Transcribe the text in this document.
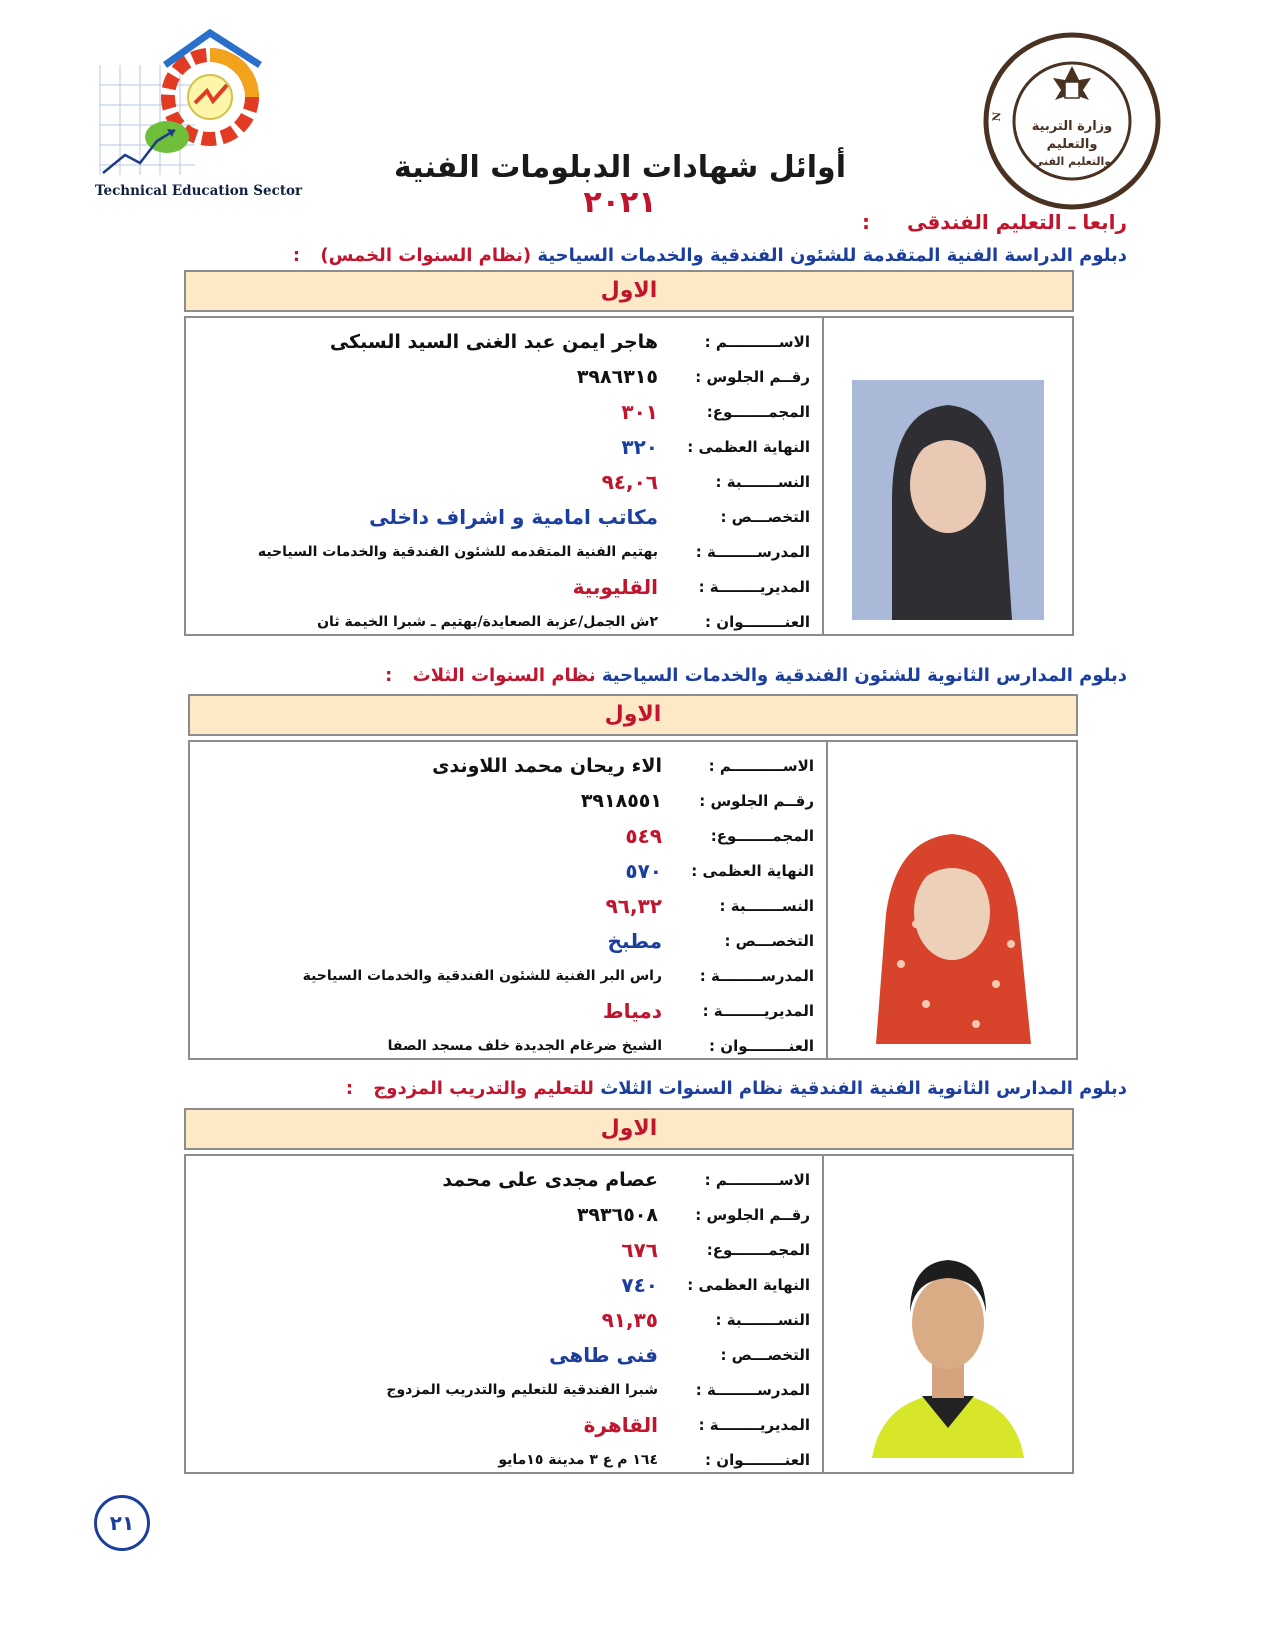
Technical Education Sector
N
وزارة التربية
والتعليم
والتعليم الفنى
أوائل شهادات الدبلومات الفنية ٢٠٢١
رابعا ـ التعليم الفندقى :
دبلوم الدراسة الفنية المتقدمة للشئون الفندقية والخدمات السياحية (نظام السنوات الخمس) :
الاول
الاســــــــــم :
هاجر ايمن عبد الغنى السيد السبكى
رقــم الجلوس :
٣٩٨٦٣١٥
المجمـــــــوع:
٣٠١
النهاية العظمى :
٣٢٠
النســـــــبة :
٩٤,٠٦
التخصـــص :
مكاتب امامية و اشراف داخلى
المدرســــــــة :
بهتيم الفنية المتقدمه للشئون الفندقية والخدمات السياحيه
المديريــــــــة :
القليوبية
العنــــــــوان :
٢ش الجمل/عزبة الصعايدة/بهتيم ـ شبرا الخيمة ثان
دبلوم المدارس الثانوية للشئون الفندقية والخدمات السياحية نظام السنوات الثلاث :
الاول
الاســــــــــم :
الاء ريحان محمد اللاوندى
رقــم الجلوس :
٣٩١٨٥٥١
المجمـــــــوع:
٥٤٩
النهاية العظمى :
٥٧٠
النســـــــبة :
٩٦,٣٢
التخصـــص :
مطبخ
المدرســــــــة :
راس البر الفنية للشئون الفندقية والخدمات السياحية
المديريــــــــة :
دمياط
العنــــــــوان :
الشيخ ضرغام الجديدة خلف مسجد الصفا
دبلوم المدارس الثانوية الفنية الفندقية نظام السنوات الثلاث للتعليم والتدريب المزدوج :
الاول
الاســــــــــم :
عصام مجدى على محمد
رقــم الجلوس :
٣٩٣٦٥٠٨
المجمـــــــوع:
٦٧٦
النهاية العظمى :
٧٤٠
النســـــــبة :
٩١,٣٥
التخصـــص :
فنى طاهى
المدرســــــــة :
شبرا الفندقية للتعليم والتدريب المزدوج
المديريــــــــة :
القاهرة
العنــــــــوان :
١٦٤ م ع ٣ مدينة ١٥مايو
٢١
